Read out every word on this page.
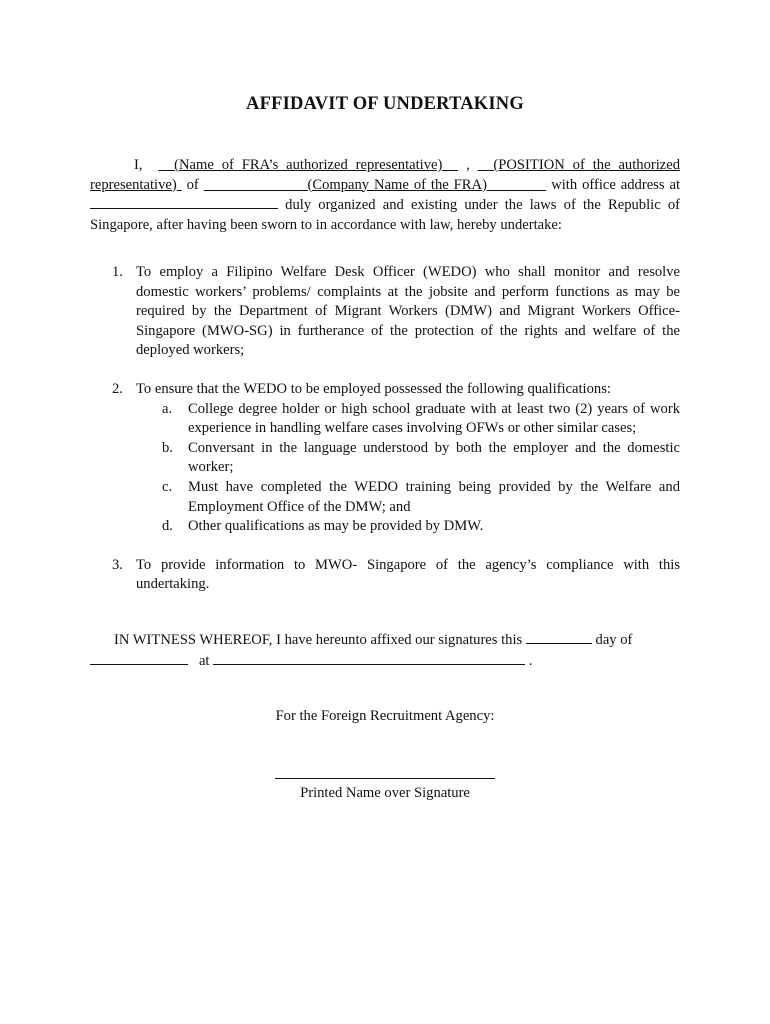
AFFIDAVIT OF UNDERTAKING

I, (Name of FRA’s authorized representative) , (POSITION of the authorized representative) of	(Company Name of the FRA)	with office address at  duly organized and existing under the laws of the Republic of Singapore, after having been sworn to in accordance with law, hereby undertake:

1. To employ a Filipino Welfare Desk Officer (WEDO) who shall monitor and resolve domestic workers’ problems/ complaints at the jobsite and perform functions as may be required by the Department of Migrant Workers (DMW) and Migrant Workers Office-Singapore (MWO-SG) in furtherance of the protection of the rights and welfare of the deployed workers;
2. To ensure that the WEDO to be employed possessed the following qualifications:
a. College degree holder or high school graduate with at least two (2) years of work experience in handling welfare cases involving OFWs or other similar cases;
b. Conversant in the language understood by both the employer and the domestic worker;
c. Must have completed the WEDO training being provided by the Welfare and Employment Office of the DMW; and
d. Other qualifications as may be provided by DMW.
3. To provide information to MWO- Singapore of the agency’s compliance with this undertaking.

IN WITNESS WHEREOF, I have hereunto affixed our signatures this	day of

at	.
For the Foreign Recruitment Agency:
Printed Name over Signature
